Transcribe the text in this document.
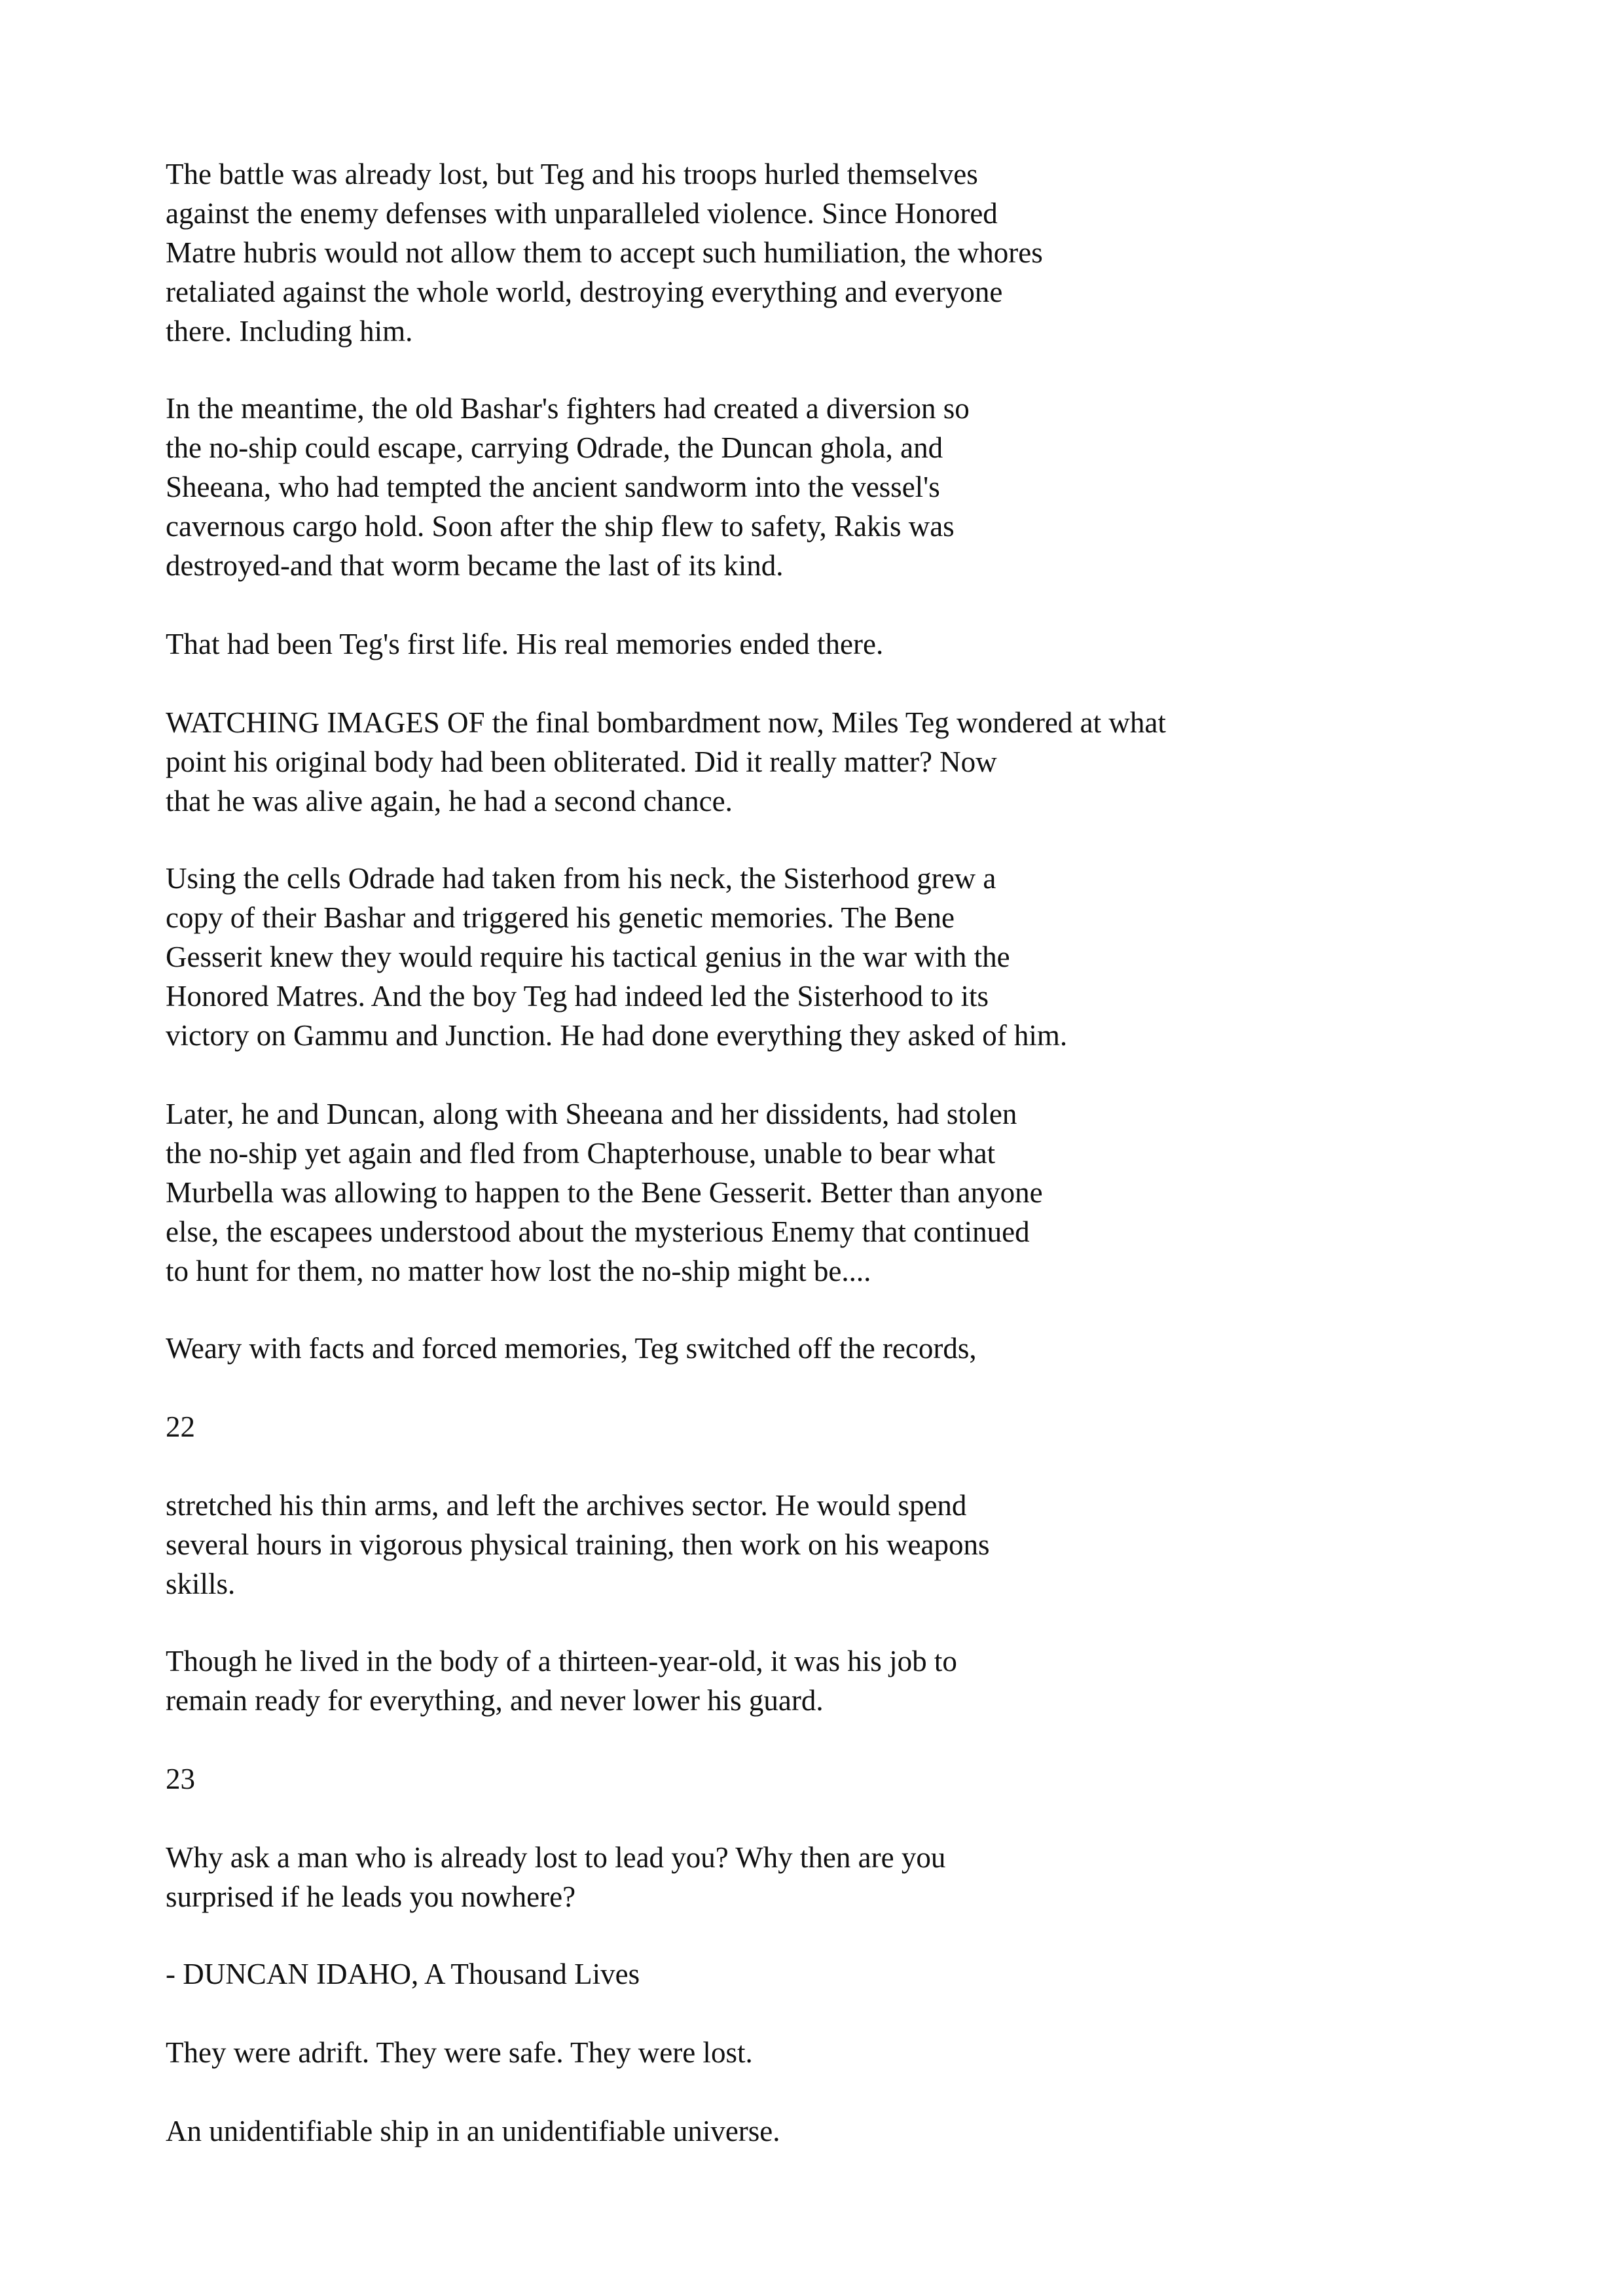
The battle was already lost, but Teg and his troops hurled themselves
against the enemy defenses with unparalleled violence. Since Honored
Matre hubris would not allow them to accept such humiliation, the whores
retaliated against the whole world, destroying everything and everyone
there. Including him.
In the meantime, the old Bashar's fighters had created a diversion so
the no-ship could escape, carrying Odrade, the Duncan ghola, and
Sheeana, who had tempted the ancient sandworm into the vessel's
cavernous cargo hold. Soon after the ship flew to safety, Rakis was
destroyed-and that worm became the last of its kind.
That had been Teg's first life. His real memories ended there.
WATCHING IMAGES OF the final bombardment now, Miles Teg wondered at what
point his original body had been obliterated. Did it really matter? Now
that he was alive again, he had a second chance.
Using the cells Odrade had taken from his neck, the Sisterhood grew a
copy of their Bashar and triggered his genetic memories. The Bene
Gesserit knew they would require his tactical genius in the war with the
Honored Matres. And the boy Teg had indeed led the Sisterhood to its
victory on Gammu and Junction. He had done everything they asked of him.
Later, he and Duncan, along with Sheeana and her dissidents, had stolen
the no-ship yet again and fled from Chapterhouse, unable to bear what
Murbella was allowing to happen to the Bene Gesserit. Better than anyone
else, the escapees understood about the mysterious Enemy that continued
to hunt for them, no matter how lost the no-ship might be....
Weary with facts and forced memories, Teg switched off the records,
22
stretched his thin arms, and left the archives sector. He would spend
several hours in vigorous physical training, then work on his weapons
skills.
Though he lived in the body of a thirteen-year-old, it was his job to
remain ready for everything, and never lower his guard.
23
Why ask a man who is already lost to lead you? Why then are you
surprised if he leads you nowhere?
- DUNCAN IDAHO, A Thousand Lives
They were adrift. They were safe. They were lost.
An unidentifiable ship in an unidentifiable universe.
